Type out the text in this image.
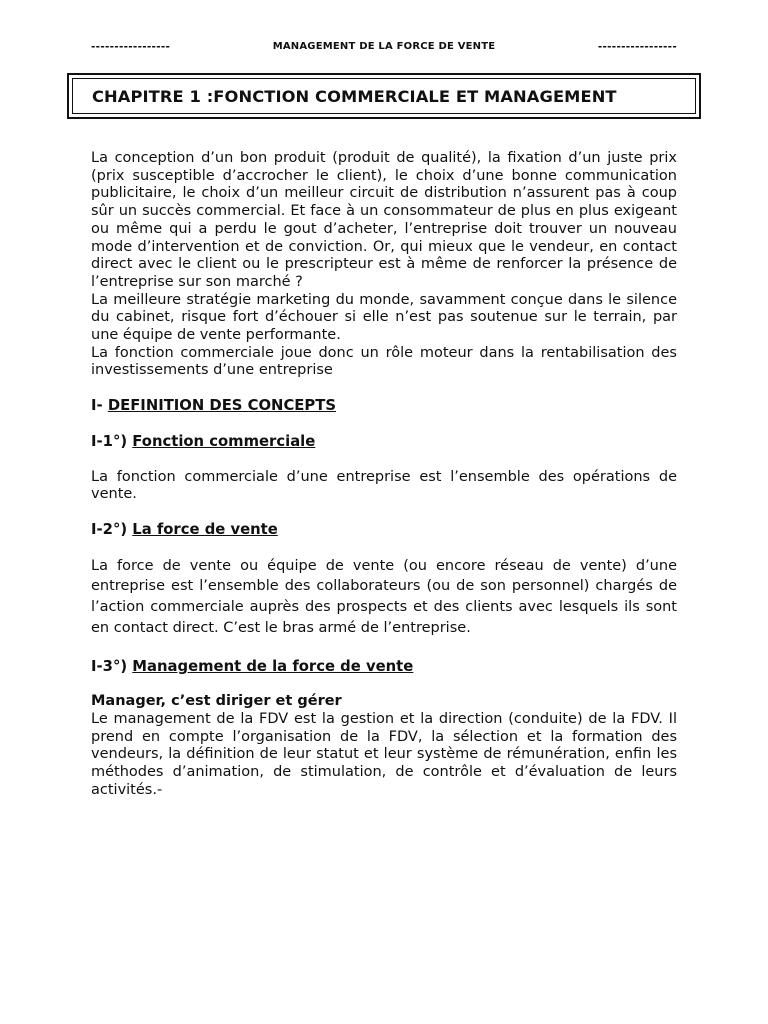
-----------------	MANAGEMENT DE LA FORCE DE VENTE	-----------------
CHAPITRE 1 :FONCTION COMMERCIALE ET MANAGEMENT

La conception d’un bon produit (produit de qualité), la fixation d’un juste prix (prix susceptible d’accrocher le client), le choix d’une bonne communication publicitaire, le choix d’un meilleur circuit de distribution n’assurent pas à coup sûr un succès commercial. Et face à un consommateur de plus en plus exigeant ou même qui a perdu le gout d’acheter, l’entreprise doit trouver un nouveau mode d’intervention et de conviction. Or, qui mieux que le vendeur, en contact direct avec le client ou le prescripteur est à même de renforcer la présence de l’entreprise sur son marché ?

La meilleure stratégie marketing du monde, savamment conçue dans le silence du cabinet, risque fort d’échouer si elle n’est pas soutenue sur le terrain, par une équipe de vente performante.

La fonction commerciale joue donc un rôle moteur dans la rentabilisation des investissements d’une entreprise

I- DEFINITION DES CONCEPTS

I-1°) Fonction commerciale

La fonction commerciale d’une entreprise est l’ensemble des opérations de vente.

I-2°) La force de vente

La force de vente ou équipe de vente (ou encore réseau de vente) d’une entreprise est l’ensemble des collaborateurs (ou de son personnel) chargés de l’action commerciale auprès des prospects et des clients avec lesquels ils sont en contact direct. C’est le bras armé de l’entreprise.

I-3°) Management de la force de vente

Manager, c’est diriger et gérer

Le management de la FDV est la gestion et la direction (conduite) de la FDV. Il prend en compte l’organisation de la FDV, la sélection et la formation des vendeurs, la définition de leur statut et leur système de rémunération, enfin les méthodes d’animation, de stimulation, de contrôle et d’évaluation de leurs activités.-
